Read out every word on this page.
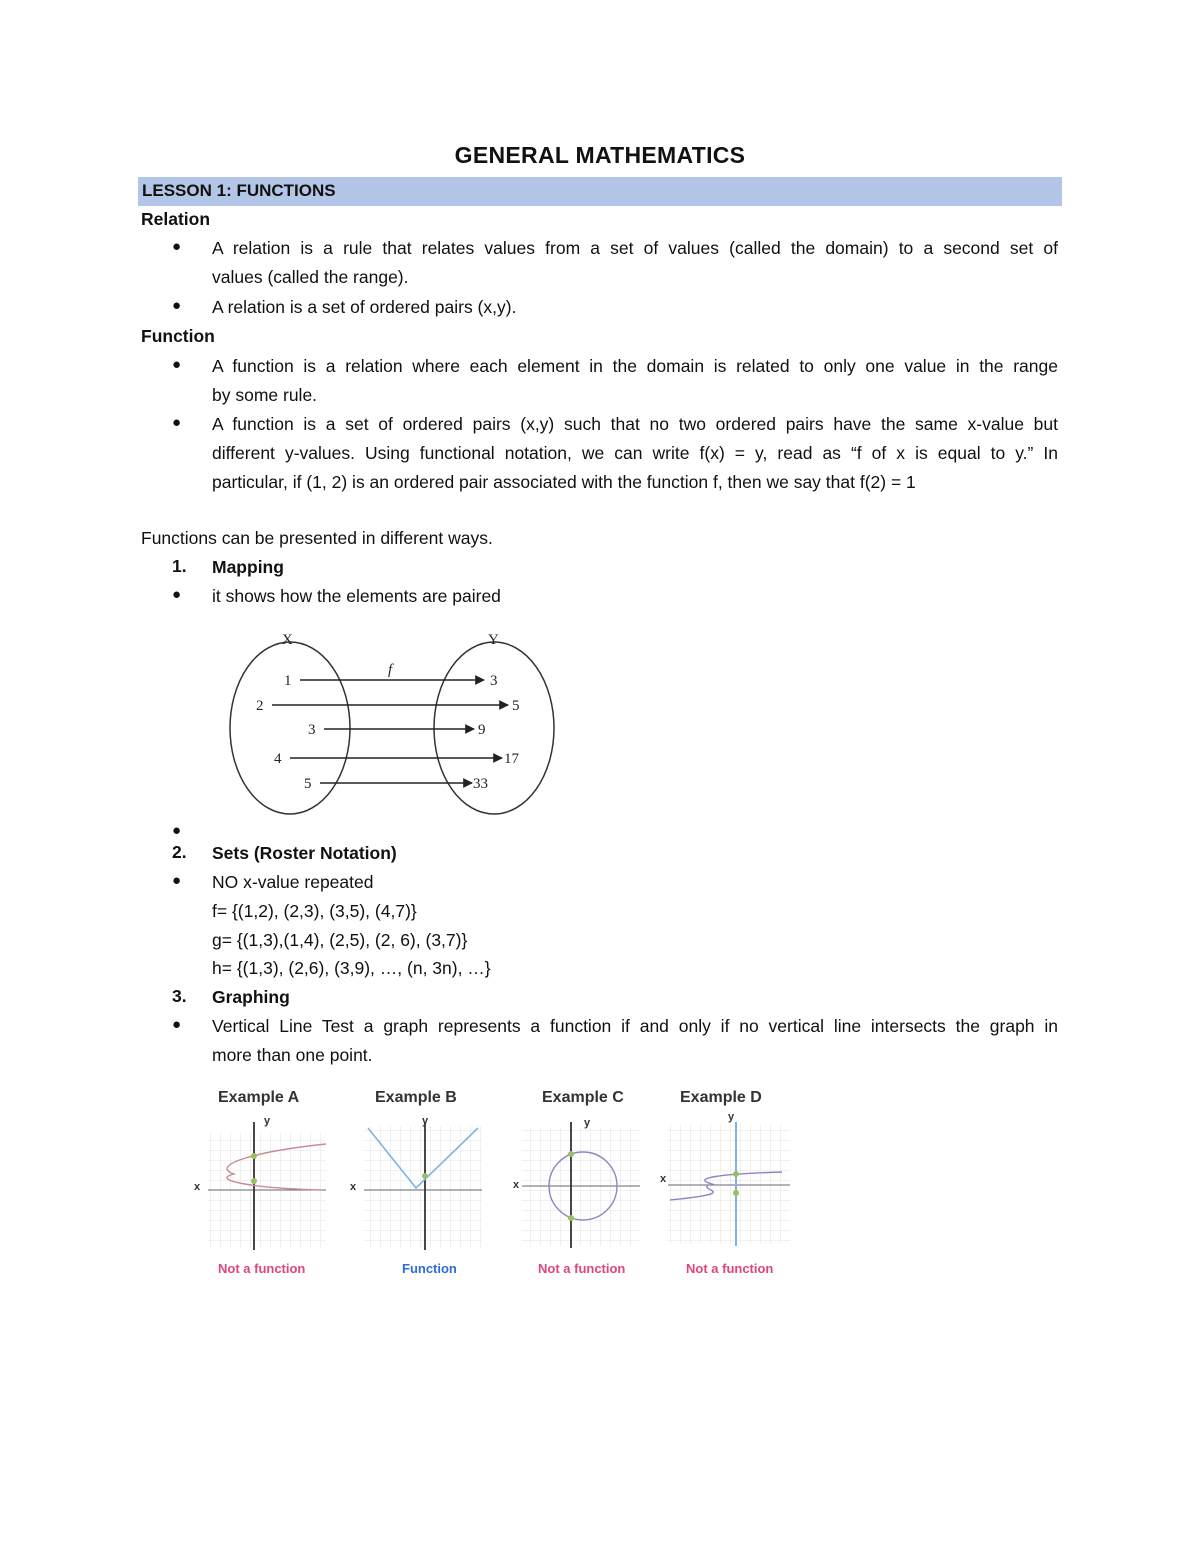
GENERAL MATHEMATICS
LESSON 1: FUNCTIONS
Relation
● A relation is a rule that relates values from a set of values (called the domain) to a second set of
values (called the range).
● A relation is a set of ordered pairs (x,y).
Function
● A function is a relation where each element in the domain is related to only one value in the range
by some rule.
● A function is a set of ordered pairs (x,y) such that no two ordered pairs have the same x-value but
different y-values. Using functional notation, we can write f(x) = y, read as “f of x is equal to y.” In
particular, if (1, 2) is an ordered pair associated with the function f, then we say that f(2) = 1
Functions can be presented in different ways.
1. Mapping
● it shows how the elements are paired
X	Y
f
1
2
3
4
5
3
5
9
17
33
●
2. Sets (Roster Notation)
● NO x-value repeated
f= {(1,2), (2,3), (3,5), (4,7)}
g= {(1,3),(1,4), (2,5), (2, 6), (3,7)}
h= {(1,3), (2,6), (3,9), …, (n, 3n), …}
3. Graphing
● Vertical Line Test a graph represents a function if and only if no vertical line intersects the graph in
more than one point.
Example A
x
y
Not a function
Example B
x
y
Function
Example C
x
y
Not a function
Example D
x
y
Not a function
